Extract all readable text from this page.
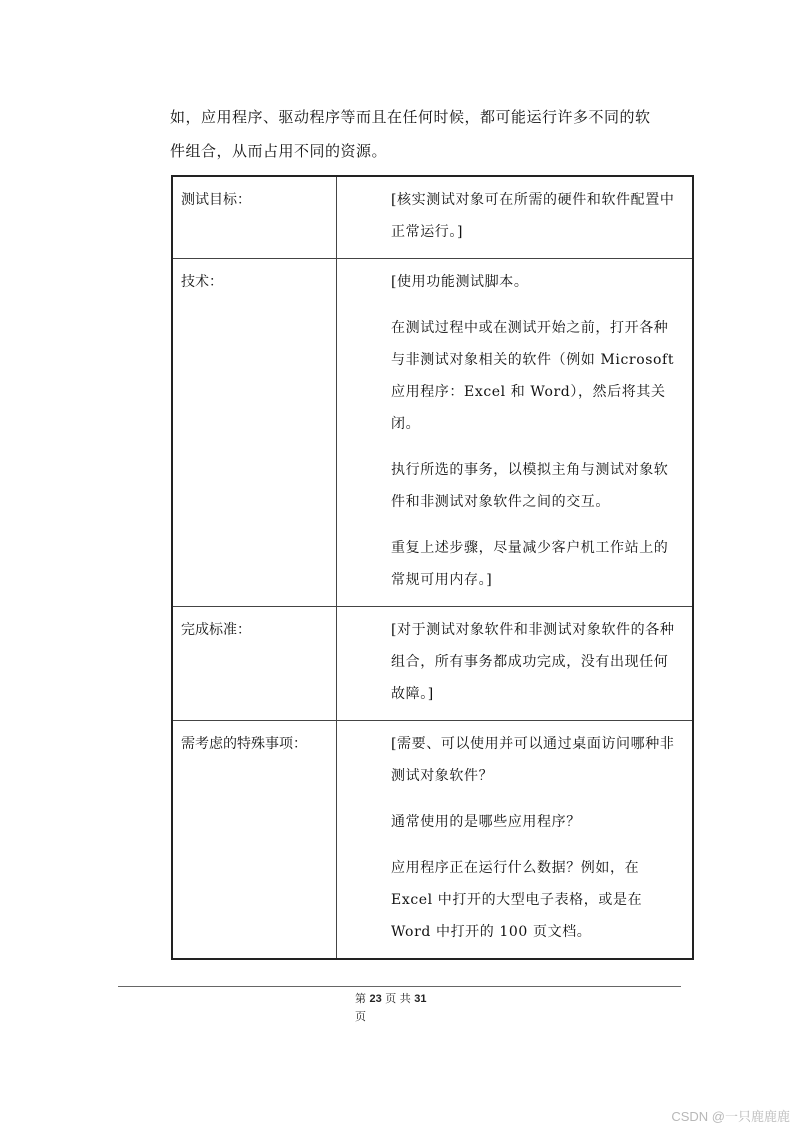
如，应用程序、驱动程序等而且在任何时候，都可能运行许多不同的软

件组合，从而占用不同的资源。

测试目标：	[核实测试对象可在所需的硬件和软件配置中正常运行。]

技术：	[使用功能测试脚本。

在测试过程中或在测试开始之前，打开各种与非测试对象相关的软件（例如 Microsoft 应用程序：Excel 和 Word），然后将其关闭。

执行所选的事务，以模拟主角与测试对象软件和非测试对象软件之间的交互。

重复上述步骤，尽量减少客户机工作站上的常规可用内存。]

完成标准：	[对于测试对象软件和非测试对象软件的各种组合，所有事务都成功完成，没有出现任何故障。]

需考虑的特殊事项：	[需要、可以使用并可以通过桌面访问哪种非测试对象软件？

通常使用的是哪些应用程序？

应用程序正在运行什么数据？例如，在 Excel 中打开的大型电子表格，或是在 Word 中打开的 100 页文档。

第 23 页 共 31
页
CSDN @一只鹿鹿鹿
